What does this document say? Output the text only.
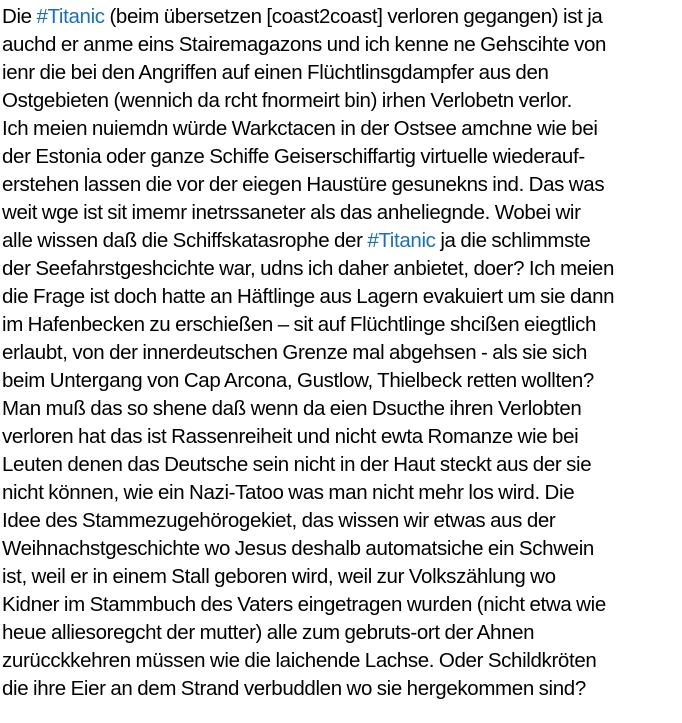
Die #Titanic (beim übersetzen [coast2coast] verloren gegangen) ist ja
auchd er anme eins Stairemagazons und ich kenne ne Gehscihte von
ienr die bei den Angriffen auf einen Flüchtlinsgdampfer aus den
Ostgebieten (wennich da rcht fnormeirt bin) irhen Verlobetn verlor.
Ich meien nuiemdn würde Warkctacen in der Ostsee amchne wie bei
der Estonia oder ganze Schiffe Geiserschiffartig virtuelle wiederauf-
erstehen lassen die vor der eiegen Haustüre gesunekns ind. Das was
weit wge ist sit imemr inetrssaneter als das anheliegnde. Wobei wir
alle wissen daß die Schiffskatasrophe der #Titanic ja die schlimmste
der Seefahrstgeshcichte war, udns ich daher anbietet, doer? Ich meien
die Frage ist doch hatte an Häftlinge aus Lagern evakuiert um sie dann
im Hafenbecken zu erschießen – sit auf Flüchtlinge shcißen eiegtlich
erlaubt, von der innerdeutschen Grenze mal abgehsen - als sie sich
beim Untergang von Cap Arcona, Gustlow, Thielbeck retten wollten?
Man muß das so shene daß wenn da eien Dsucthe ihren Verlobten
verloren hat das ist Rassenreiheit und nicht ewta Romanze wie bei
Leuten denen das Deutsche sein nicht in der Haut steckt aus der sie
nicht können, wie ein Nazi-Tatoo was man nicht mehr los wird. Die
Idee des Stammezugehörogekiet, das wissen wir etwas aus der
Weihnachstgeschichte wo Jesus deshalb automatsiche ein Schwein
ist, weil er in einem Stall geboren wird, weil zur Volkszählung wo
Kidner im Stammbuch des Vaters eingetragen wurden (nicht etwa wie
heue alliesoregcht der mutter) alle zum gebruts-ort der Ahnen
zurücckkehren müssen wie die laichende Lachse. Oder Schildkröten
die ihre Eier an dem Strand verbuddlen wo sie hergekommen sind?
